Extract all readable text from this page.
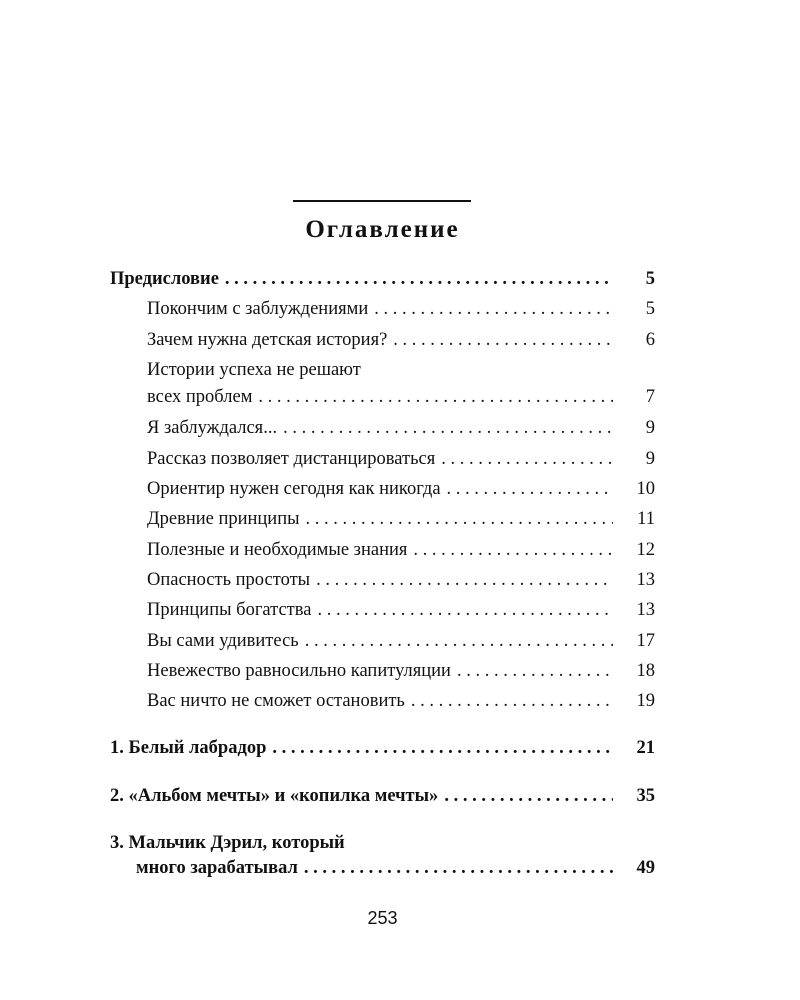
Оглавление
Предисловие . . .	5
Покончим с заблуждениями . . .	5
Зачем нужна детская история? . . .	6
Истории успеха не решают
всех проблем . . .	7
Я заблуждался... . . .	9
Рассказ позволяет дистанцироваться . . .	9
Ориентир нужен сегодня как никогда . . .	10
Древние принципы . . .	11
Полезные и необходимые знания . . .	12
Опасность простоты . . .	13
Принципы богатства . . .	13
Вы сами удивитесь . . .	17
Невежество равносильно капитуляции . . .	18
Вас ничто не сможет остановить . . .	19
1. Белый лабрадор . . .	21
2. «Альбом мечты» и «копилка мечты» . . .	35
3. Мальчик Дэрил, который
много зарабатывал . . .	49
253
